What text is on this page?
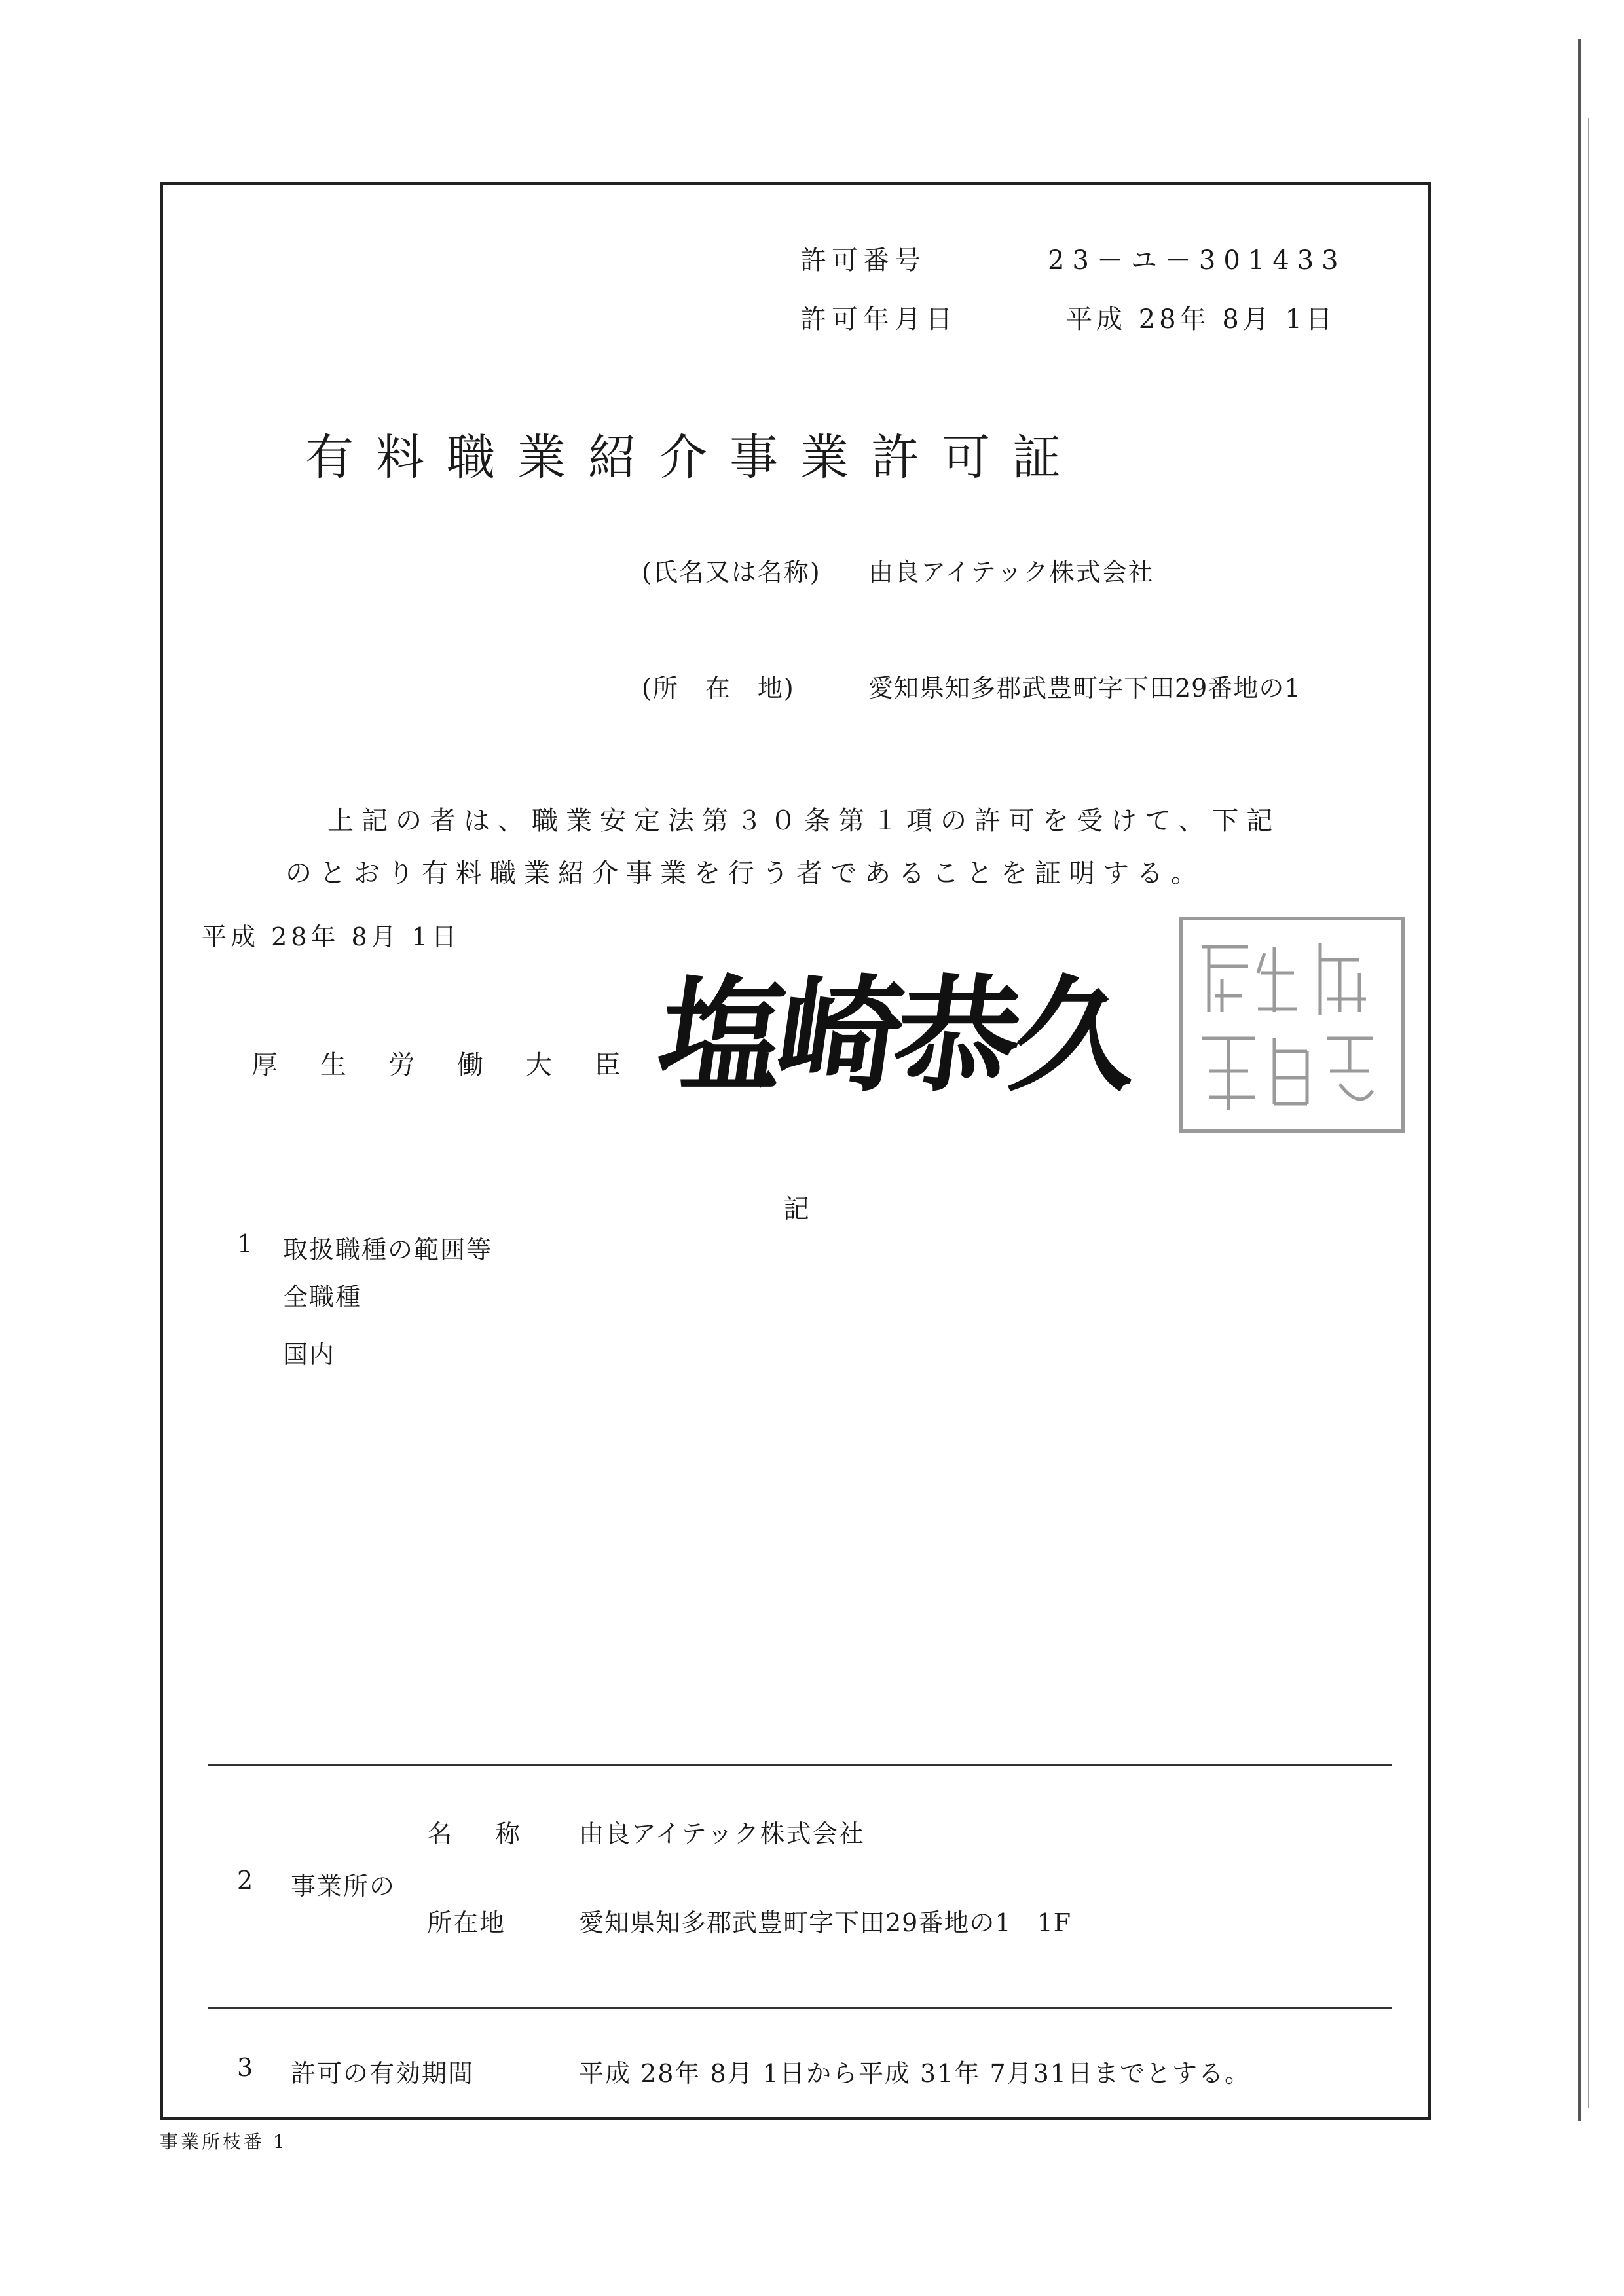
許可番号	23－ユ－301433
許可年月日	平成 28年 8月 1日
有料職業紹介事業許可証
(氏名又は名称) 由良アイテック株式会社
(所　在　地)	愛知県知多郡武豊町字下田29番地の1
上記の者は、職業安定法第３０条第１項の許可を受けて、下記
のとおり有料職業紹介事業を行う者であることを証明する。
平成 28年 8月 1日
厚 生 労 働 大 臣 塩崎恭久
記
1 取扱職種の範囲等
全職種
国内
名　称 由良アイテック株式会社
2 事業所の
所在地	愛知県知多郡武豊町字下田29番地の1　1F
3 許可の有効期間	平成 28年 8月 1日から平成 31年 7月31日までとする。
事業所枝番 1
